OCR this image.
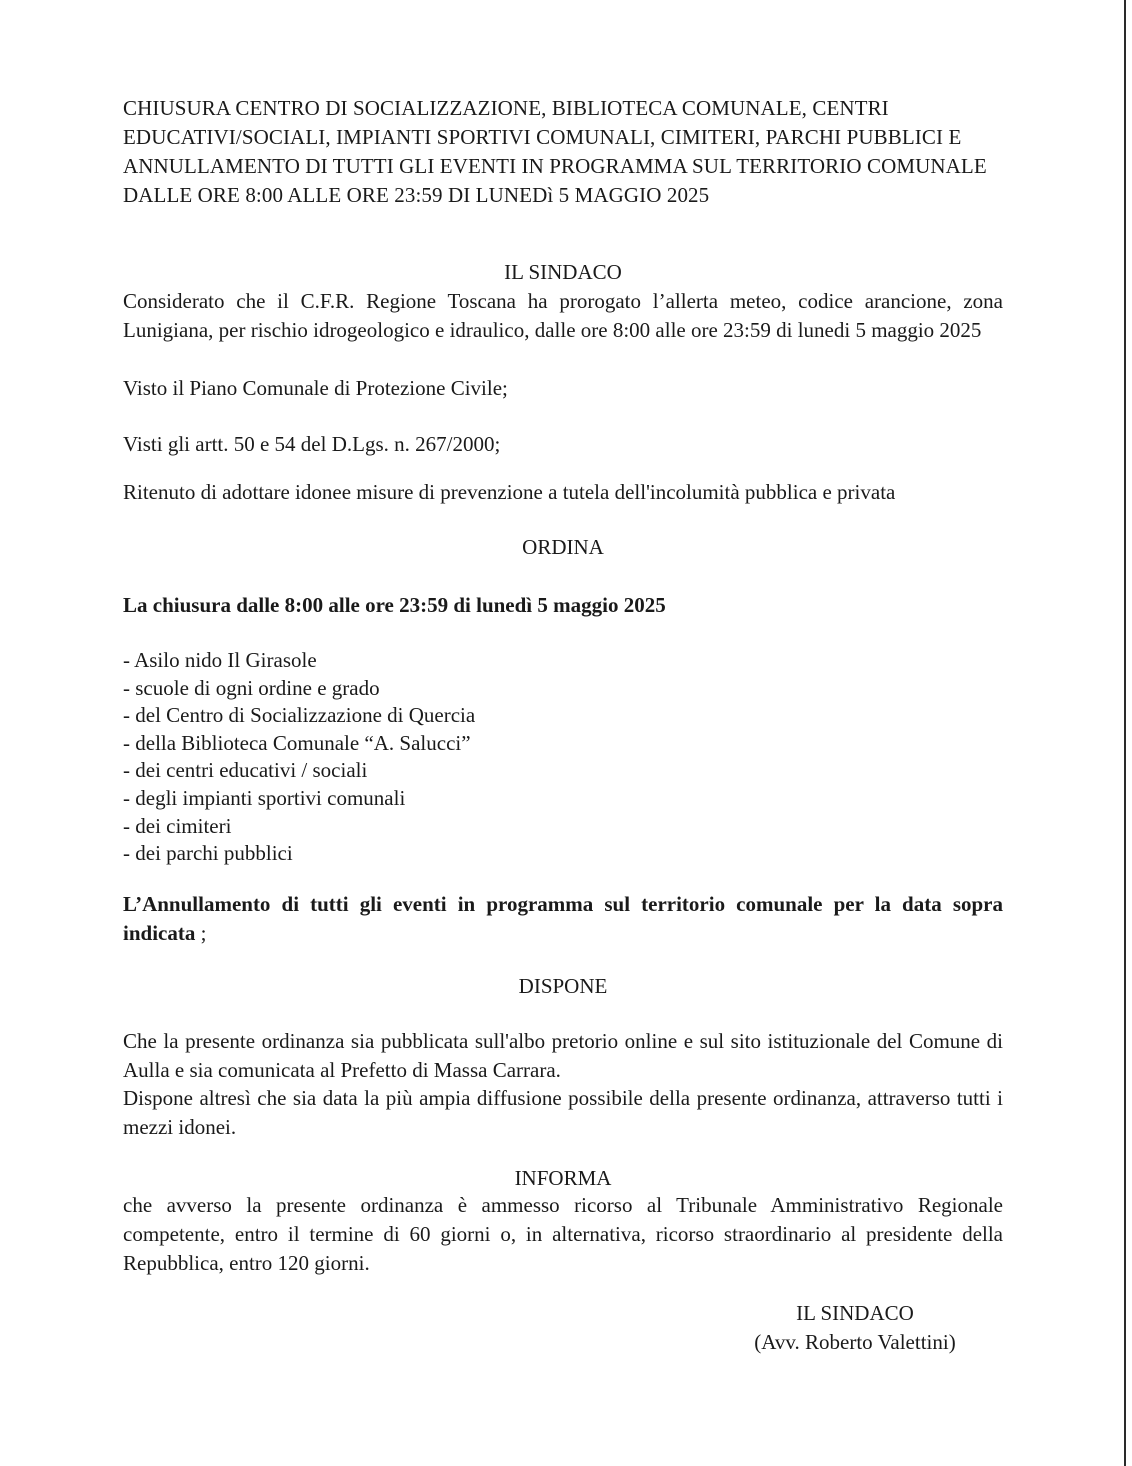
CHIUSURA CENTRO DI SOCIALIZZAZIONE, BIBLIOTECA COMUNALE, CENTRI EDUCATIVI/SOCIALI, IMPIANTI SPORTIVI COMUNALI, CIMITERI, PARCHI PUBBLICI E ANNULLAMENTO DI TUTTI GLI EVENTI IN PROGRAMMA SUL TERRITORIO COMUNALE DALLE ORE 8:00 ALLE ORE 23:59 DI LUNEDì 5 MAGGIO 2025
IL SINDACO
Considerato che il C.F.R. Regione Toscana ha prorogato l’allerta meteo, codice arancione, zona Lunigiana, per rischio idrogeologico e idraulico, dalle ore 8:00 alle ore 23:59 di lunedi 5 maggio 2025
Visto il Piano Comunale di Protezione Civile;
Visti gli artt. 50 e 54 del D.Lgs. n. 267/2000;
Ritenuto di adottare idonee misure di prevenzione a tutela dell'incolumità pubblica e privata
ORDINA
La chiusura dalle 8:00 alle ore 23:59 di lunedì 5 maggio 2025
- Asilo nido Il Girasole
- scuole di ogni ordine e grado
- del Centro di Socializzazione di Quercia
- della Biblioteca Comunale “A. Salucci”
- dei centri educativi / sociali
- degli impianti sportivi comunali
- dei cimiteri
- dei parchi pubblici
L’Annullamento di tutti gli eventi in programma sul territorio comunale per la data sopra indicata ;
DISPONE
Che la presente ordinanza sia pubblicata sull'albo pretorio online e sul sito istituzionale del Comune di Aulla e sia comunicata al Prefetto di Massa Carrara.
Dispone altresì che sia data la più ampia diffusione possibile della presente ordinanza, attraverso tutti i mezzi idonei.
INFORMA
che avverso la presente ordinanza è ammesso ricorso al Tribunale Amministrativo Regionale competente, entro il termine di 60 giorni o, in alternativa, ricorso straordinario al presidente della Repubblica, entro 120 giorni.
IL SINDACO
(Avv. Roberto Valettini)
